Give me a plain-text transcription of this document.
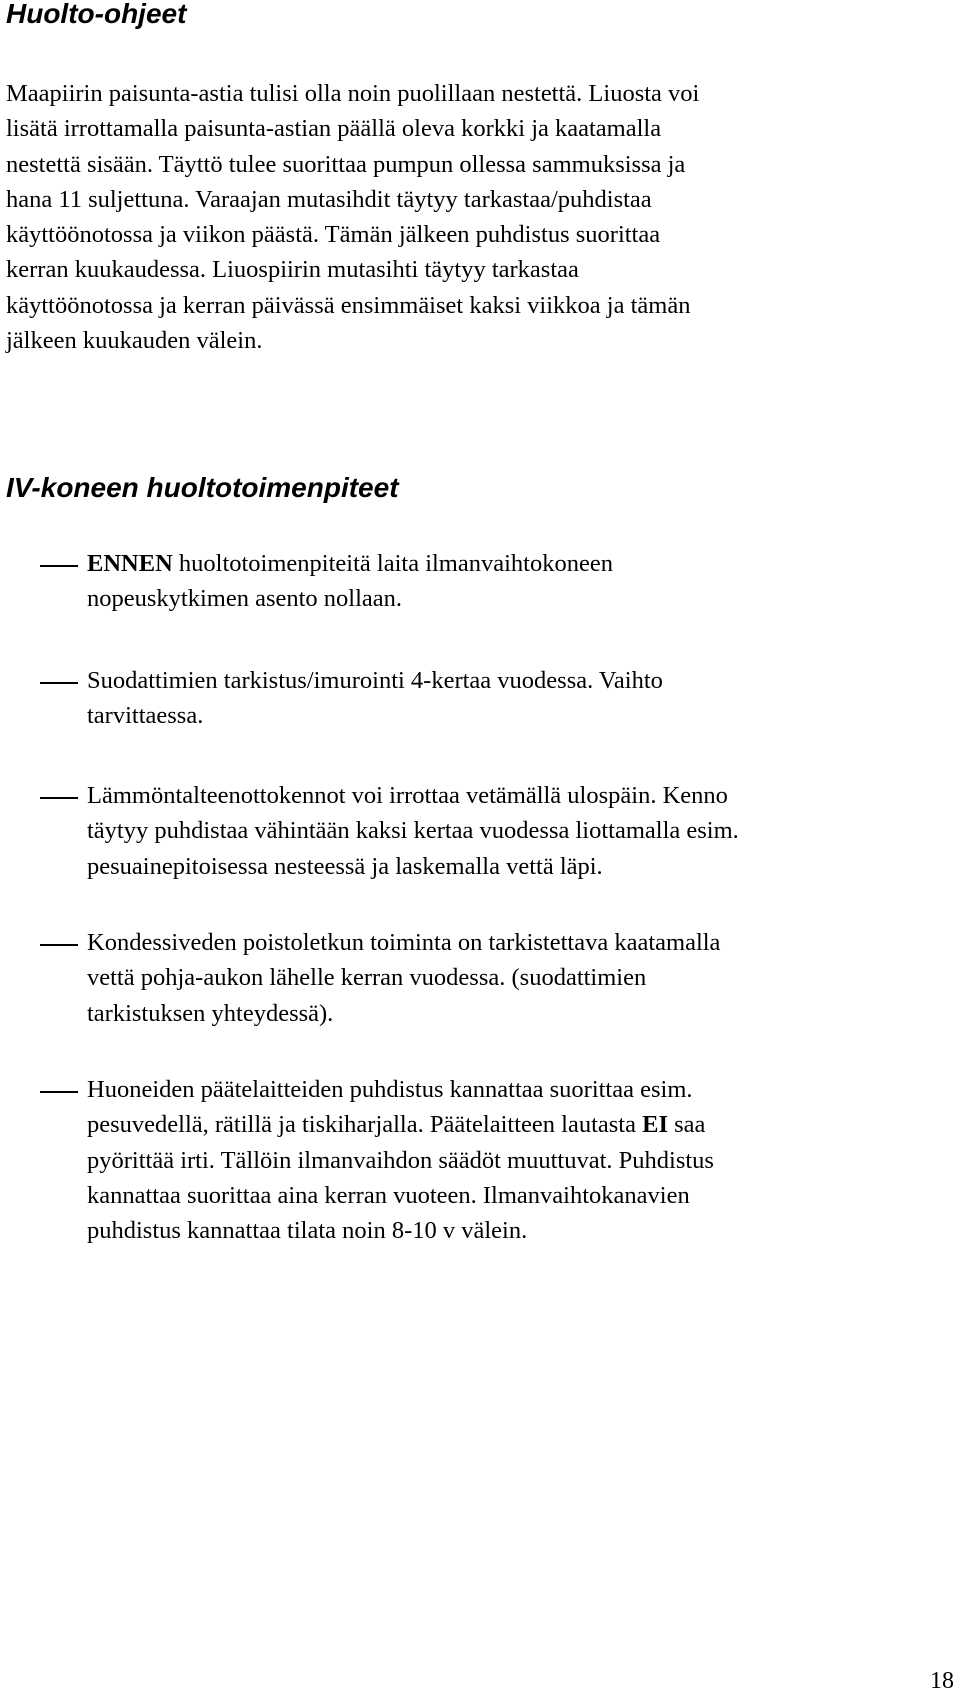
Huolto-ohjeet

Maapiirin paisunta-astia tulisi olla noin puolillaan nestettä. Liuosta voi
lisätä irrottamalla paisunta-astian päällä oleva korkki ja kaatamalla
nestettä sisään. Täyttö tulee suorittaa pumpun ollessa sammuksissa ja
hana 11 suljettuna. Varaajan mutasihdit täytyy tarkastaa/puhdistaa
käyttöönotossa ja viikon päästä. Tämän jälkeen puhdistus suorittaa
kerran kuukaudessa. Liuospiirin mutasihti täytyy tarkastaa
käyttöönotossa ja kerran päivässä ensimmäiset kaksi viikkoa ja tämän
jälkeen kuukauden välein.

IV-koneen huoltotoimenpiteet

ENNEN huoltotoimenpiteitä laita ilmanvaihtokoneen
nopeuskytkimen asento nollaan.

Suodattimien tarkistus/imurointi 4-kertaa vuodessa. Vaihto
tarvittaessa.

Lämmöntalteenottokennot voi irrottaa vetämällä ulospäin. Kenno
täytyy puhdistaa vähintään kaksi kertaa vuodessa liottamalla esim.
pesuainepitoisessa nesteessä ja laskemalla vettä läpi.

Kondessiveden poistoletkun toiminta on tarkistettava kaatamalla
vettä pohja-aukon lähelle kerran vuodessa. (suodattimien
tarkistuksen yhteydessä).

Huoneiden päätelaitteiden puhdistus kannattaa suorittaa esim.
pesuvedellä, rätillä ja tiskiharjalla. Päätelaitteen lautasta EI saa
pyörittää irti. Tällöin ilmanvaihdon säädöt muuttuvat. Puhdistus
kannattaa suorittaa aina kerran vuoteen. Ilmanvaihtokanavien
puhdistus kannattaa tilata noin 8-10 v välein.

18
